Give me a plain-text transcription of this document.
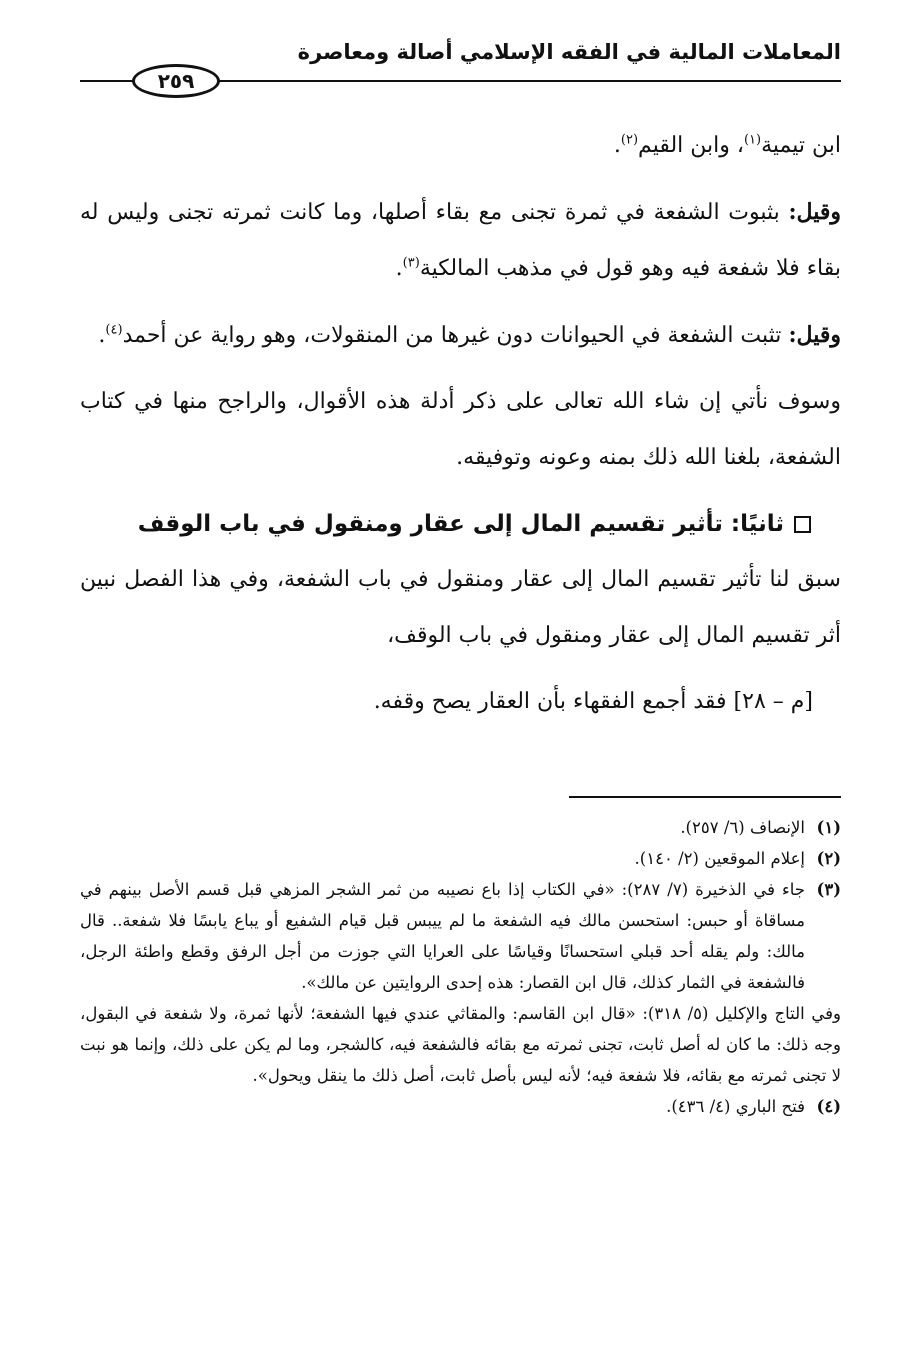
المعاملات المالية في الفقه الإسلامي أصالة ومعاصرة
٢٥٩

ابن تيمية$^{(١)}$، وابن القيم$^{(٢)}$.

وقيل: بثبوت الشفعة في ثمرة تجنى مع بقاء أصلها، وما كانت ثمرته تجنى وليس له بقاء فلا شفعة فيه وهو قول في مذهب المالكية$^{(٣)}$.

وقيل: تثبت الشفعة في الحيوانات دون غيرها من المنقولات، وهو رواية عن أحمد$^{(٤)}$.

وسوف نأتي إن شاء الله تعالى على ذكر أدلة هذه الأقوال، والراجح منها في كتاب الشفعة، بلغنا الله ذلك بمنه وعونه وتوفيقه.

ثانيًا: تأثير تقسيم المال إلى عقار ومنقول في باب الوقف

سبق لنا تأثير تقسيم المال إلى عقار ومنقول في باب الشفعة، وفي هذا الفصل نبين أثر تقسيم المال إلى عقار ومنقول في باب الوقف،

[م – ٢٨] فقد أجمع الفقهاء بأن العقار يصح وقفه.

(١)
الإنصاف (٦/ ٢٥٧).
(٢)
إعلام الموقعين (٢/ ١٤٠).
(٣)
جاء في الذخيرة (٧/ ٢٨٧): «في الكتاب إذا باع نصيبه من ثمر الشجر المزهي قبل قسم الأصل بينهم في مساقاة أو حبس: استحسن مالك فيه الشفعة ما لم ييبس قبل قيام الشفيع أو يباع يابسًا فلا شفعة.. قال مالك: ولم يقله أحد قبلي استحسانًا وقياسًا على العرايا التي جوزت من أجل الرفق وقطع واطئة الرجل، فالشفعة في الثمار كذلك، قال ابن القصار: هذه إحدى الروايتين عن مالك».
وفي التاج والإكليل (٥/ ٣١٨): «قال ابن القاسم: والمقاثي عندي فيها الشفعة؛ لأنها ثمرة، ولا شفعة في البقول، وجه ذلك: ما كان له أصل ثابت، تجنى ثمرته مع بقائه فالشفعة فيه، كالشجر، وما لم يكن على ذلك، وإنما هو نبت لا تجنى ثمرته مع بقائه، فلا شفعة فيه؛ لأنه ليس بأصل ثابت، أصل ذلك ما ينقل ويحول».
(٤)
فتح الباري (٤/ ٤٣٦).
